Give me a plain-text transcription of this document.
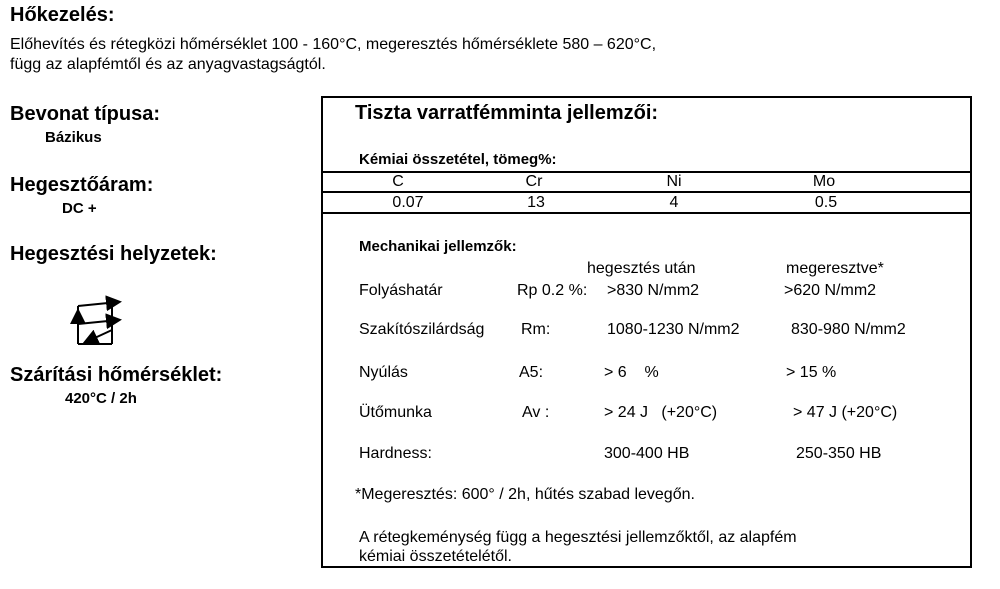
Hőkezelés:
Előhevítés és rétegközi hőmérséklet 100 - 160°C, megeresztés hőmérséklete 580 – 620°C,
függ az alapfémtől és az anyagvastagságtól.
Bevonat típusa:
Bázikus
Hegesztőáram:
DC +
Hegesztési helyzetek:
Szárítási hőmérséklet:
420°C / 2h
Tiszta varratfémminta jellemzői:
Kémiai összetétel, tömeg%:
C	Cr	Ni	Mo
0.07	13	4	0.5
Mechanikai jellemzők:
hegesztés után	megeresztve*
Folyáshatár	Rp 0.2 %: >830 N/mm2	>620 N/mm2
Szakítószilárdság Rm:	1080-1230 N/mm2	830-980 N/mm2
Nyúlás	A5:	> 6    %	> 15 %
Ütőmunka	Av :	> 24 J   (+20°C)	> 47 J (+20°C)
Hardness:	300-400 HB	250-350 HB
*Megeresztés: 600° / 2h, hűtés szabad levegőn.
A rétegkeménység függ a hegesztési jellemzőktől, az alapfém
kémiai összetételétől.
